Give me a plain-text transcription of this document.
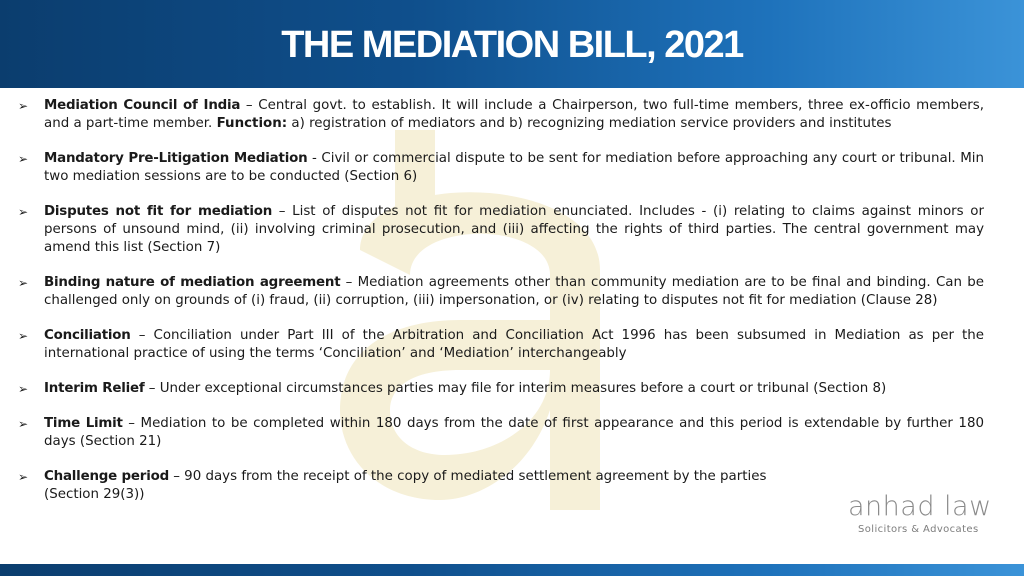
THE MEDIATION BILL, 2021
➢ Mediation Council of India – Central govt. to establish. It will include a Chairperson, two full-time members, three ex-officio members, and a part-time member. Function: a) registration of mediators and b) recognizing mediation service providers and institutes
➢ Mandatory Pre-Litigation Mediation - Civil or commercial dispute to be sent for mediation before approaching any court or tribunal. Min two mediation sessions are to be conducted (Section 6)
➢ Disputes not fit for mediation – List of disputes not fit for mediation enunciated. Includes - (i) relating to claims against minors or persons of unsound mind, (ii) involving criminal prosecution, and (iii) affecting the rights of third parties. The central government may amend this list (Section 7)
➢ Binding nature of mediation agreement – Mediation agreements other than community mediation are to be final and binding. Can be challenged only on grounds of (i) fraud, (ii) corruption, (iii) impersonation, or (iv) relating to disputes not fit for mediation (Clause 28)
➢ Conciliation – Conciliation under Part III of the Arbitration and Conciliation Act 1996 has been subsumed in Mediation as per the international practice of using the terms ‘Conciliation’ and ‘Mediation’ interchangeably
➢ Interim Relief – Under exceptional circumstances parties may file for interim measures before a court or tribunal (Section 8)
➢ Time Limit – Mediation to be completed within 180 days from the date of first appearance and this period is extendable by further 180 days (Section 21)
➢ Challenge period – 90 days from the receipt of the copy of mediated settlement agreement by the parties
(Section 29(3))	anhad law
Solicitors & Advocates
